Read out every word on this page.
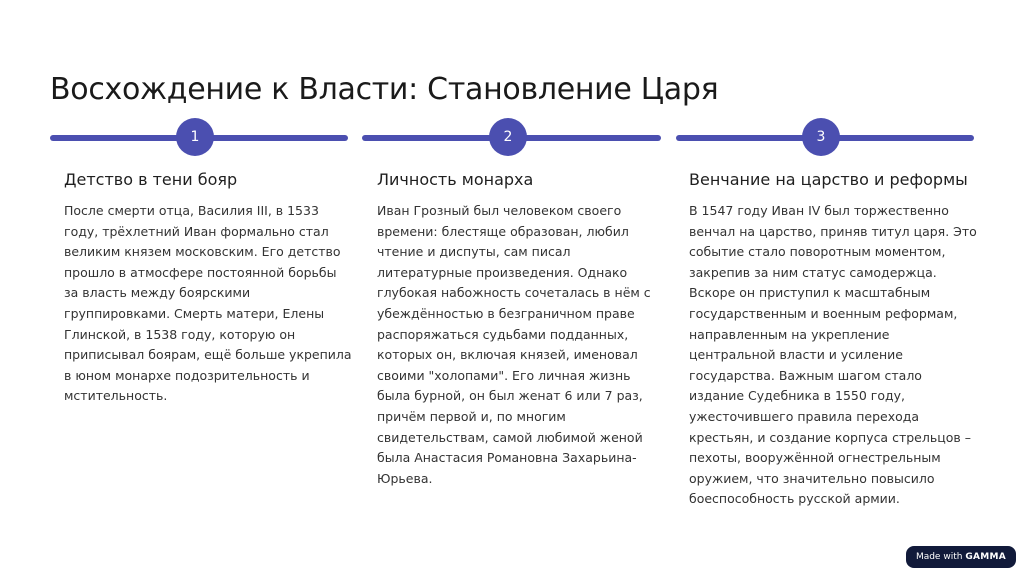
Восхождение к Власти: Становление Царя
1	2	3
Детство в тени бояр

После смерти отца, Василия III, в 1533 году, трёхлетний Иван формально стал великим князем московским. Его детство прошло в атмосфере постоянной борьбы за власть между боярскими группировками. Смерть матери, Елены Глинской, в 1538 году, которую он приписывал боярам, ещё больше укрепила в юном монархе подозрительность и мстительность.

Личность монарха

Иван Грозный был человеком своего времени: блестяще образован, любил чтение и диспуты, сам писал литературные произведения. Однако глубокая набожность сочеталась в нём с убеждённостью в безграничном праве распоряжаться судьбами подданных, которых он, включая князей, именовал своими "холопами". Его личная жизнь была бурной, он был женат 6 или 7 раз, причём первой и, по многим свидетельствам, самой любимой женой была Анастасия Романовна Захарьина-Юрьева.

Венчание на царство и реформы

В 1547 году Иван IV был торжественно венчал на царство, приняв титул царя. Это событие стало поворотным моментом, закрепив за ним статус самодержца. Вскоре он приступил к масштабным государственным и военным реформам, направленным на укрепление центральной власти и усиление государства. Важным шагом стало издание Судебника в 1550 году, ужесточившего правила перехода крестьян, и создание корпуса стрельцов – пехоты, вооружённой огнестрельным оружием, что значительно повысило боеспособность русской армии.

Made with GAMMA
